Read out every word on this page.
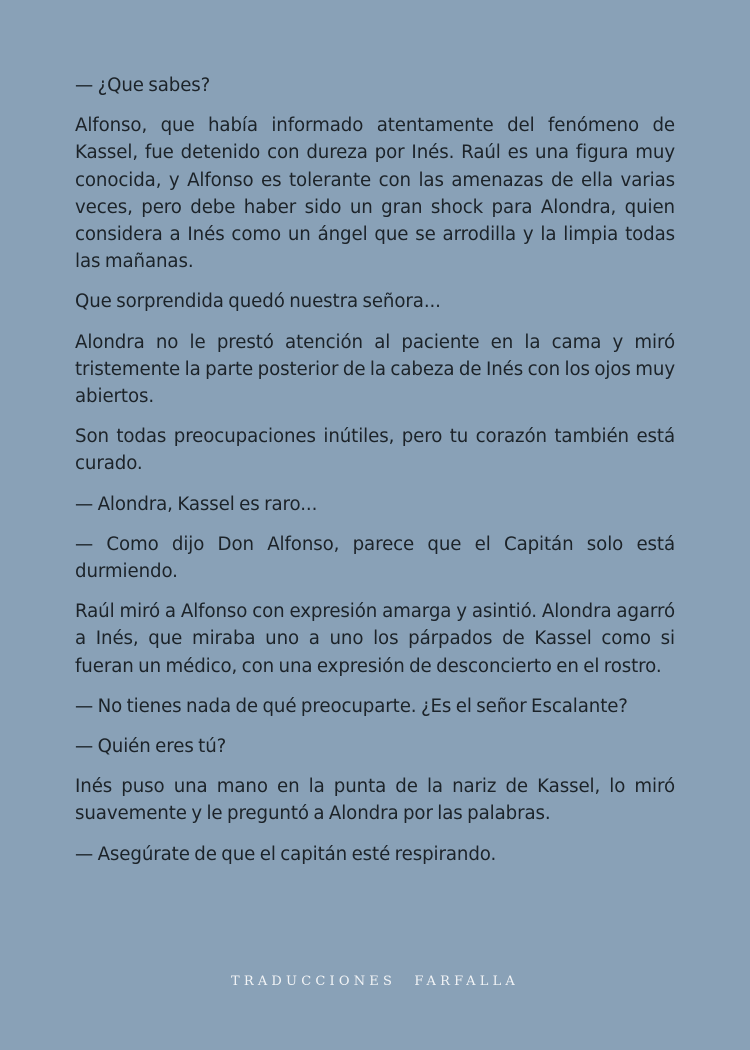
— ¿Que sabes?

Alfonso, que había informado atentamente del fenómeno de Kassel, fue detenido con dureza por Inés. Raúl es una figura muy conocida, y Alfonso es tolerante con las amenazas de ella varias veces, pero debe haber sido un gran shock para Alondra, quien considera a Inés como un ángel que se arrodilla y la limpia todas las mañanas.

Que sorprendida quedó nuestra señora...

Alondra no le prestó atención al paciente en la cama y miró tristemente la parte posterior de la cabeza de Inés con los ojos muy abiertos.

Son todas preocupaciones inútiles, pero tu corazón también está curado.

— Alondra, Kassel es raro...

— Como dijo Don Alfonso, parece que el Capitán solo está durmiendo.

Raúl miró a Alfonso con expresión amarga y asintió. Alondra agarró a Inés, que miraba uno a uno los párpados de Kassel como si fueran un médico, con una expresión de desconcierto en el rostro.

— No tienes nada de qué preocuparte. ¿Es el señor Escalante?

— Quién eres tú?

Inés puso una mano en la punta de la nariz de Kassel, lo miró suavemente y le preguntó a Alondra por las palabras.

— Asegúrate de que el capitán esté respirando.

TRADUCCIONES FARFALLA
